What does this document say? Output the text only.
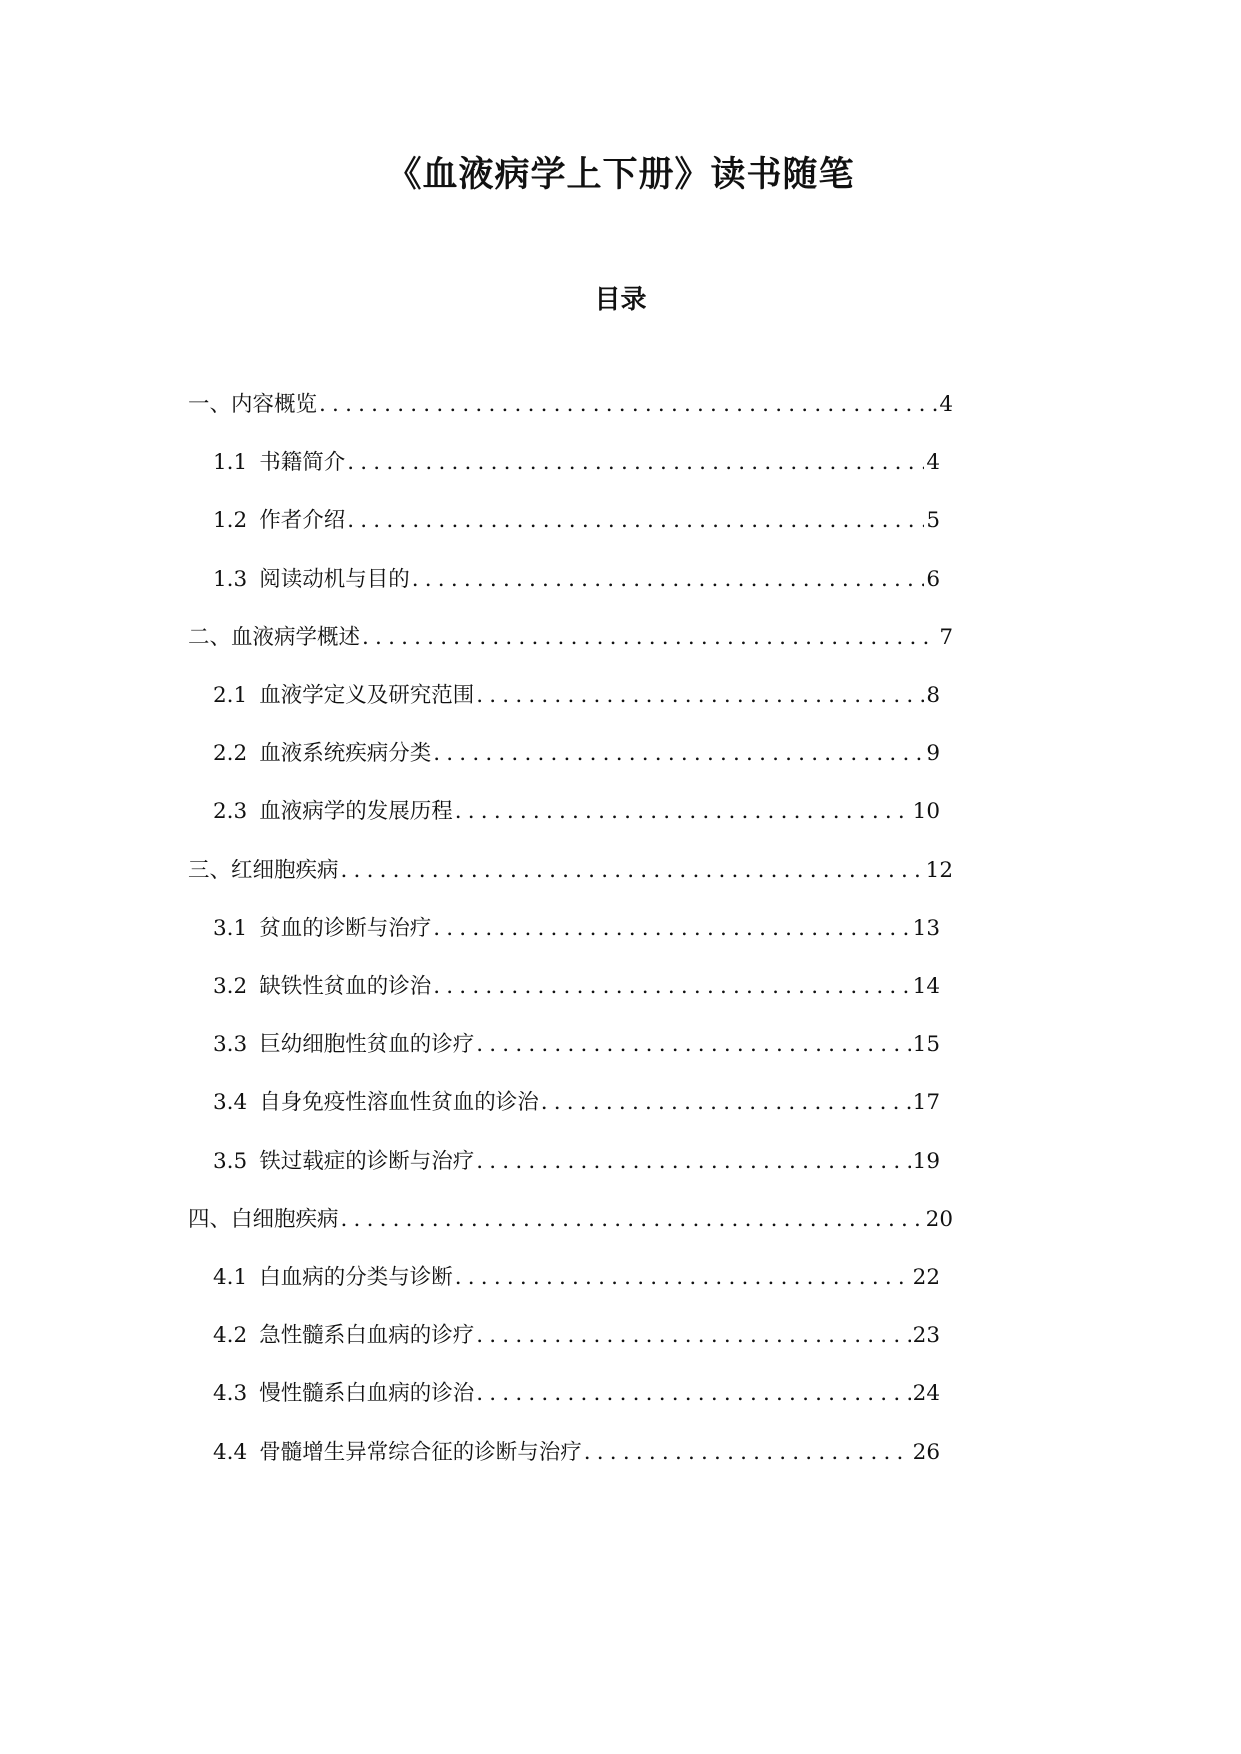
《血液病学上下册》读书随笔
目录
一、内容概览 .....	4
1.1 书籍简介 .....	4
1.2 作者介绍 .....	5
1.3 阅读动机与目的 .....	6
二、血液病学概述 .....	7
2.1 血液学定义及研究范围 .....	8
2.2 血液系统疾病分类 .....	9
2.3 血液病学的发展历程 .....	10
三、红细胞疾病 .....	12
3.1 贫血的诊断与治疗 .....	13
3.2 缺铁性贫血的诊治 .....	14
3.3 巨幼细胞性贫血的诊疗 .....	15
3.4 自身免疫性溶血性贫血的诊治 .....	17
3.5 铁过载症的诊断与治疗 .....	19
四、白细胞疾病 .....	20
4.1 白血病的分类与诊断 .....	22
4.2 急性髓系白血病的诊疗 .....	23
4.3 慢性髓系白血病的诊治 .....	24
4.4 骨髓增生异常综合征的诊断与治疗 .....	26
